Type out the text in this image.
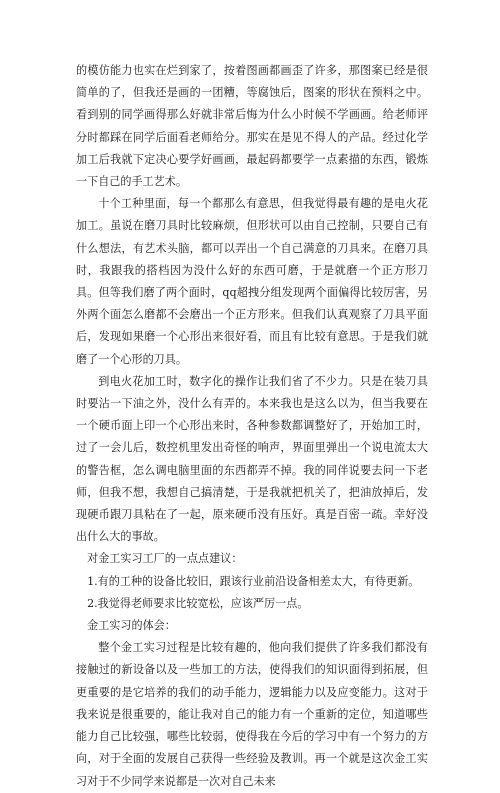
的模仿能力也实在烂到家了，按着图画都画歪了许多，那图案已经是很简单的了，但我还是画的一团糟，等腐蚀后，图案的形状在预料之中。看到别的同学画得那么好就非常后悔为什么小时候不学画画。给老师评分时都踩在同学后面看老师给分。那实在是见不得人的产品。经过化学加工后我就下定决心要学好画画，最起码都要学一点素描的东西，锻炼一下自己的手工艺术。

十个工种里面，每一个都那么有意思，但我觉得最有趣的是电火花加工。虽说在磨刀具时比较麻烦，但形状可以由自己控制，只要自己有什么想法，有艺术头脑，都可以弄出一个自己满意的刀具来。在磨刀具时，我跟我的搭档因为没什么好的东西可磨，于是就磨一个正方形刀具。但等我们磨了两个面时，qq超拽分组发现两个面偏得比较厉害，另外两个面怎么磨都不会磨出一个正方形来。但我们认真观察了刀具平面后，发现如果磨一个心形出来很好看，而且有比较有意思。于是我们就磨了一个心形的刀具。

到电火花加工时，数字化的操作让我们省了不少力。只是在装刀具时要沾一下油之外，没什么有弄的。本来我也是这么以为，但当我要在一个硬币面上印一个心形出来时，各种参数都调整好了，开始加工时，过了一会儿后，数控机里发出奇怪的响声，界面里弹出一个说电流太大的警告框，怎么调电脑里面的东西都弄不掉。我的同伴说要去问一下老师，但我不想，我想自己搞清楚，于是我就把机关了，把油放掉后，发现硬币跟刀具粘在了一起，原来硬币没有压好。真是百密一疏。幸好没出什么大的事故。

对金工实习工厂的一点点建议：

1.有的工种的设备比较旧，跟该行业前沿设备相差太大，有待更新。

2.我觉得老师要求比较宽松，应该严厉一点。

金工实习的体会：

整个金工实习过程是比较有趣的，他向我们提供了许多我们都没有接触过的新设备以及一些加工的方法，使得我们的知识面得到拓展，但更重要的是它培养的我们的动手能力，逻辑能力以及应变能力。这对于我来说是很重要的，能让我对自己的能力有一个重新的定位，知道哪些能力自己比较强，哪些比较弱，使得我在今后的学习中有一个努力的方向，对于全面的发展自己获得一些经验及教训。再一个就是这次金工实习对于不少同学来说都是一次对自己未来
